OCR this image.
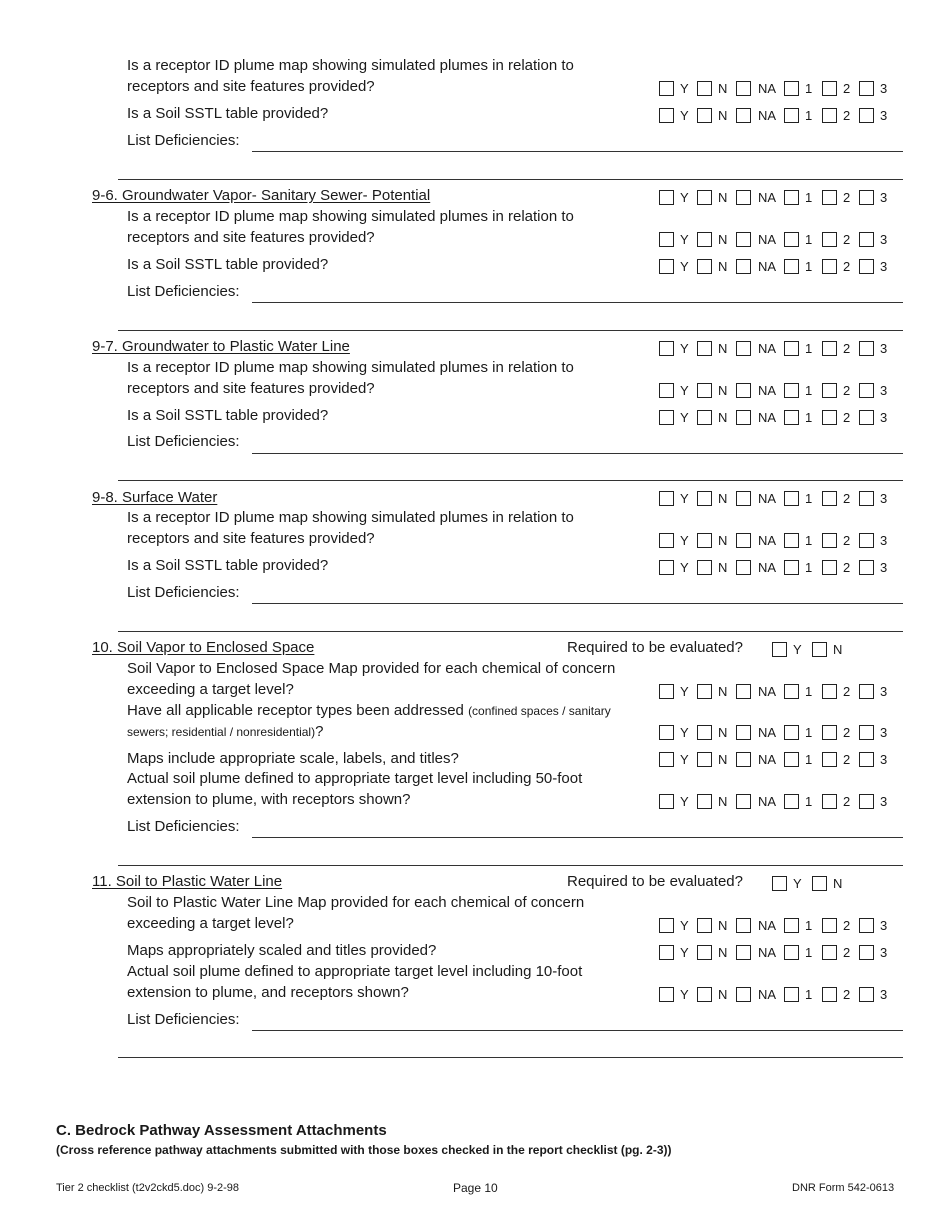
Is a receptor ID plume map showing simulated plumes in relation to
receptors and site features provided?	Y	N	NA	1	2	3
Is a Soil SSTL table provided?	Y	N	NA	1	2	3
List Deficiencies:
9-6. Groundwater Vapor- Sanitary Sewer- Potential	Y	N	NA	1	2	3
Is a receptor ID plume map showing simulated plumes in relation to
receptors and site features provided?	Y	N	NA	1	2	3
Is a Soil SSTL table provided?	Y	N	NA	1	2	3
List Deficiencies:
9-7. Groundwater to Plastic Water Line	Y	N	NA	1	2	3
Is a receptor ID plume map showing simulated plumes in relation to
receptors and site features provided?	Y	N	NA	1	2	3
Is a Soil SSTL table provided?	Y	N	NA	1	2	3
List Deficiencies:
9-8. Surface Water	Y	N	NA	1	2	3
Is a receptor ID plume map showing simulated plumes in relation to
receptors and site features provided?	Y	N	NA	1	2	3
Is a Soil SSTL table provided?	Y	N	NA	1	2	3
List Deficiencies:
10. Soil Vapor to Enclosed Space	Required to be evaluated?	Y	N
Soil Vapor to Enclosed Space Map provided for each chemical of concern
exceeding a target level?	Y	N	NA	1	2	3
Have all applicable receptor types been addressed (confined spaces / sanitary
sewers; residential / nonresidential)?	Y	N	NA	1	2	3
Maps include appropriate scale, labels, and titles?	Y	N	NA	1	2	3
Actual soil plume defined to appropriate target level including 50-foot
extension to plume, with receptors shown?	Y	N	NA	1	2	3
List Deficiencies:
11. Soil to Plastic Water Line	Required to be evaluated?	Y	N
Soil to Plastic Water Line Map provided for each chemical of concern
exceeding a target level?	Y	N	NA	1	2	3
Maps appropriately scaled and titles provided?	Y	N	NA	1	2	3
Actual soil plume defined to appropriate target level including 10-foot
extension to plume, and receptors shown?	Y	N	NA	1	2	3
List Deficiencies:
C. Bedrock Pathway Assessment Attachments
(Cross reference pathway attachments submitted with those boxes checked in the report checklist (pg. 2-3))
Tier 2 checklist (t2v2ckd5.doc) 9-2-98	Page 10	DNR Form 542-0613
